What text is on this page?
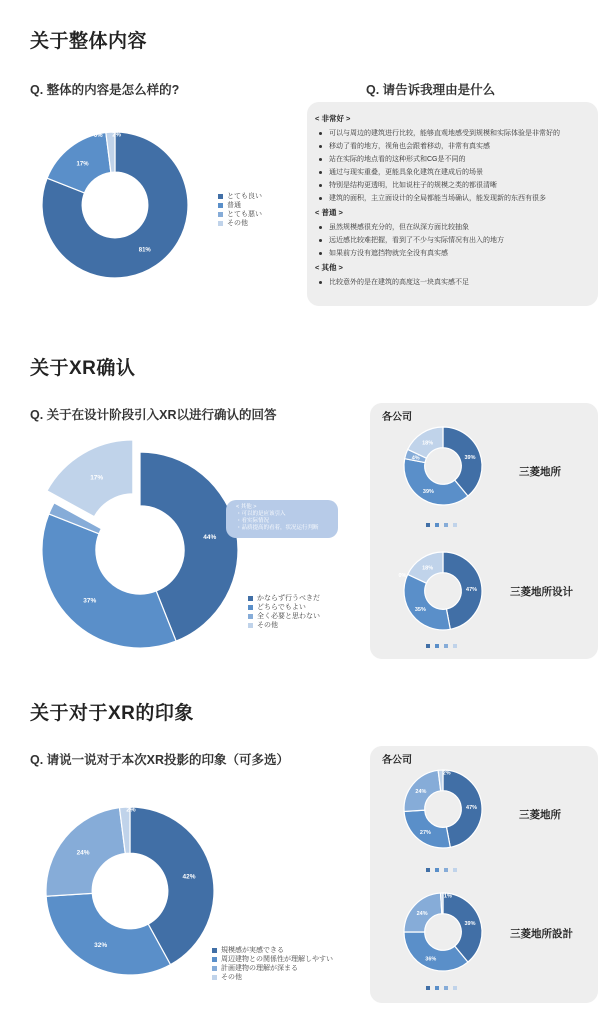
关于整体内容
Q. 整体的内容是怎么样的?	Q. 请告诉我理由是什么
81%
17%
0% 2%
とても良い
普通
とても悪い
その他
< 非常好 >
可以与周边的建筑进行比较，能够直观地感受到规模和实际体验是非常好的
移动了看的地方，视角也会跟着移动，非常有真实感
站在实际的地点看的这种形式和CG是不同的
通过与现实重叠，更能具象化建筑在建成后的场景
特别是结构更透明，比如说柱子的规模之类的都很清晰
建筑的面积，主立面设计的全局都能当场确认，能发现新的东西有很多
< 普通 >
虽然规模感很充分的，但在纵深方面比较抽象
远近感比较难把握，看到了不少与实际情况有出入的地方
如果前方没有遮挡物就完全没有真实感
< 其他 >
比较意外的是在建筑的高度这一块真实感不足
关于XR确认
Q. 关于在设计阶段引入XR以进行确认的回答
44%
37%
2%
17%
< 其他 >
・可以的是应该引入
・看实际情况
・品质提高的看着，状况运行判断
かならず行うべきだ
どちらでもよい
全く必要と思わない
その他
各公司
39%
39%
4%
18%
三菱地所
47%
35%
0%
18%
三菱地所设计
关于对于XR的印象
Q. 请说一说对于本次XR投影的印象（可多选）
42%
32%
24%
2%
規模感が実感できる
周辺建物との関係性が理解しやすい
計画建物の理解が深まる
その他
各公司
47%
27%
24%
2%
三菱地所
39%
36%
24%
1%
三菱地所設計
